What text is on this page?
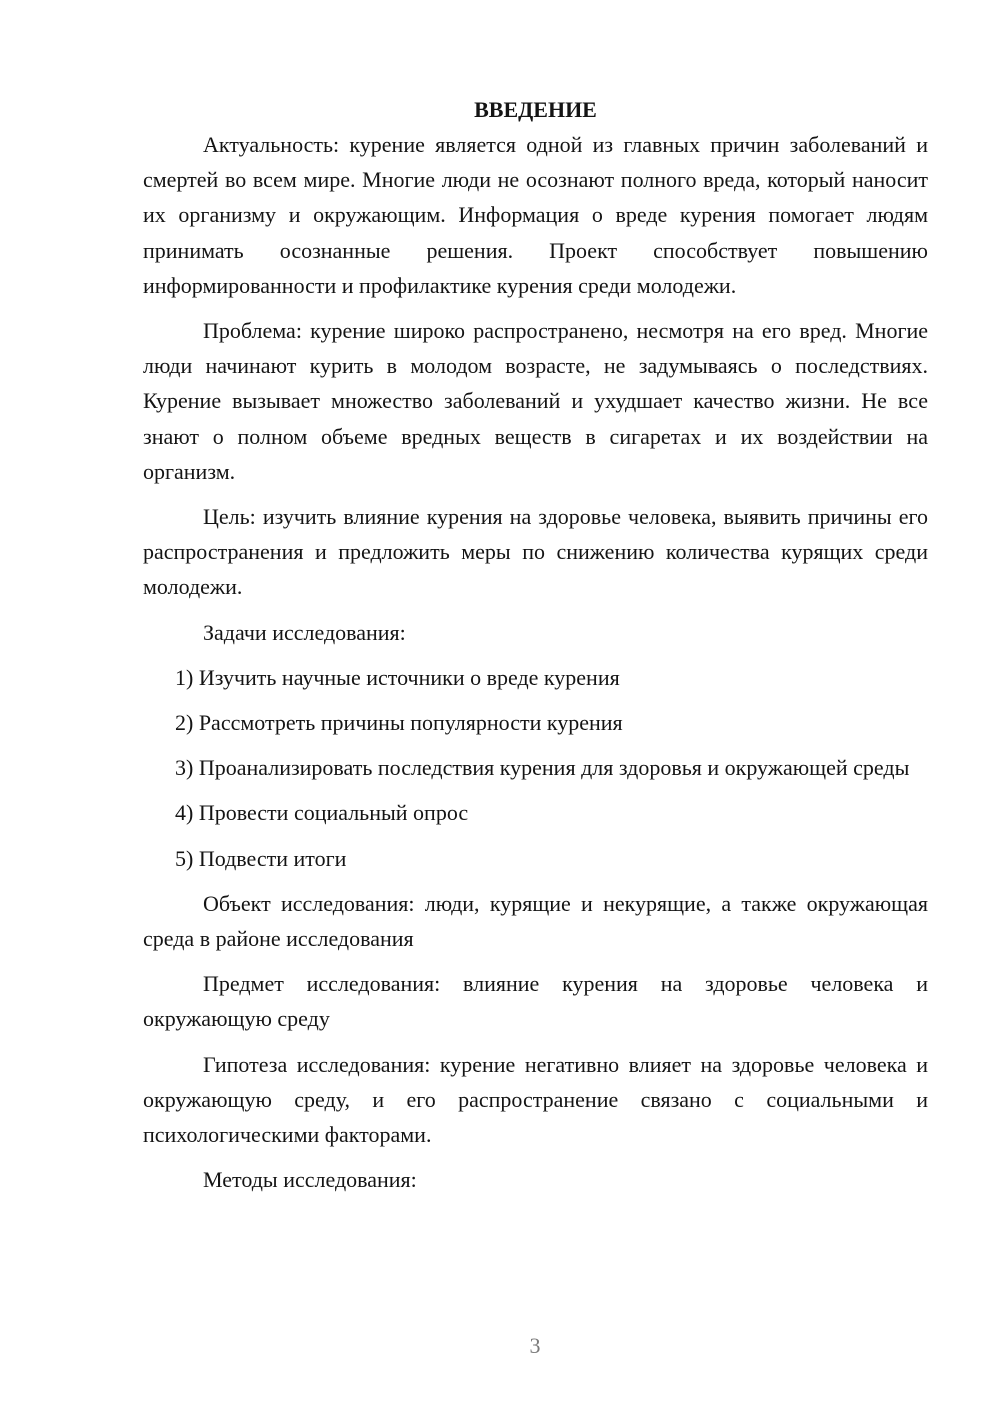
ВВЕДЕНИЕ

Актуальность: курение является одной из главных причин заболеваний и смертей во всем мире. Многие люди не осознают полного вреда, который наносит их организму и окружающим. Информация о вреде курения помогает людям принимать осознанные решения. Проект способствует повышению информированности и профилактике курения среди молодежи.

Проблема: курение широко распространено, несмотря на его вред. Многие люди начинают курить в молодом возрасте, не задумываясь о последствиях. Курение вызывает множество заболеваний и ухудшает качество жизни. Не все знают о полном объеме вредных веществ в сигаретах и их воздействии на организм.

Цель: изучить влияние курения на здоровье человека, выявить причины его распространения и предложить меры по снижению количества курящих среди молодежи.

Задачи исследования:

1) Изучить научные источники о вреде курения

2) Рассмотреть причины популярности курения

3) Проанализировать последствия курения для здоровья и окружающей среды

4) Провести социальный опрос

5) Подвести итоги

Объект исследования: люди, курящие и некурящие, а также окружающая среда в районе исследования

Предмет исследования: влияние курения на здоровье человека и окружающую среду

Гипотеза исследования: курение негативно влияет на здоровье человека и окружающую среду, и его распространение связано с социальными и психологическими факторами.

Методы исследования:

3
